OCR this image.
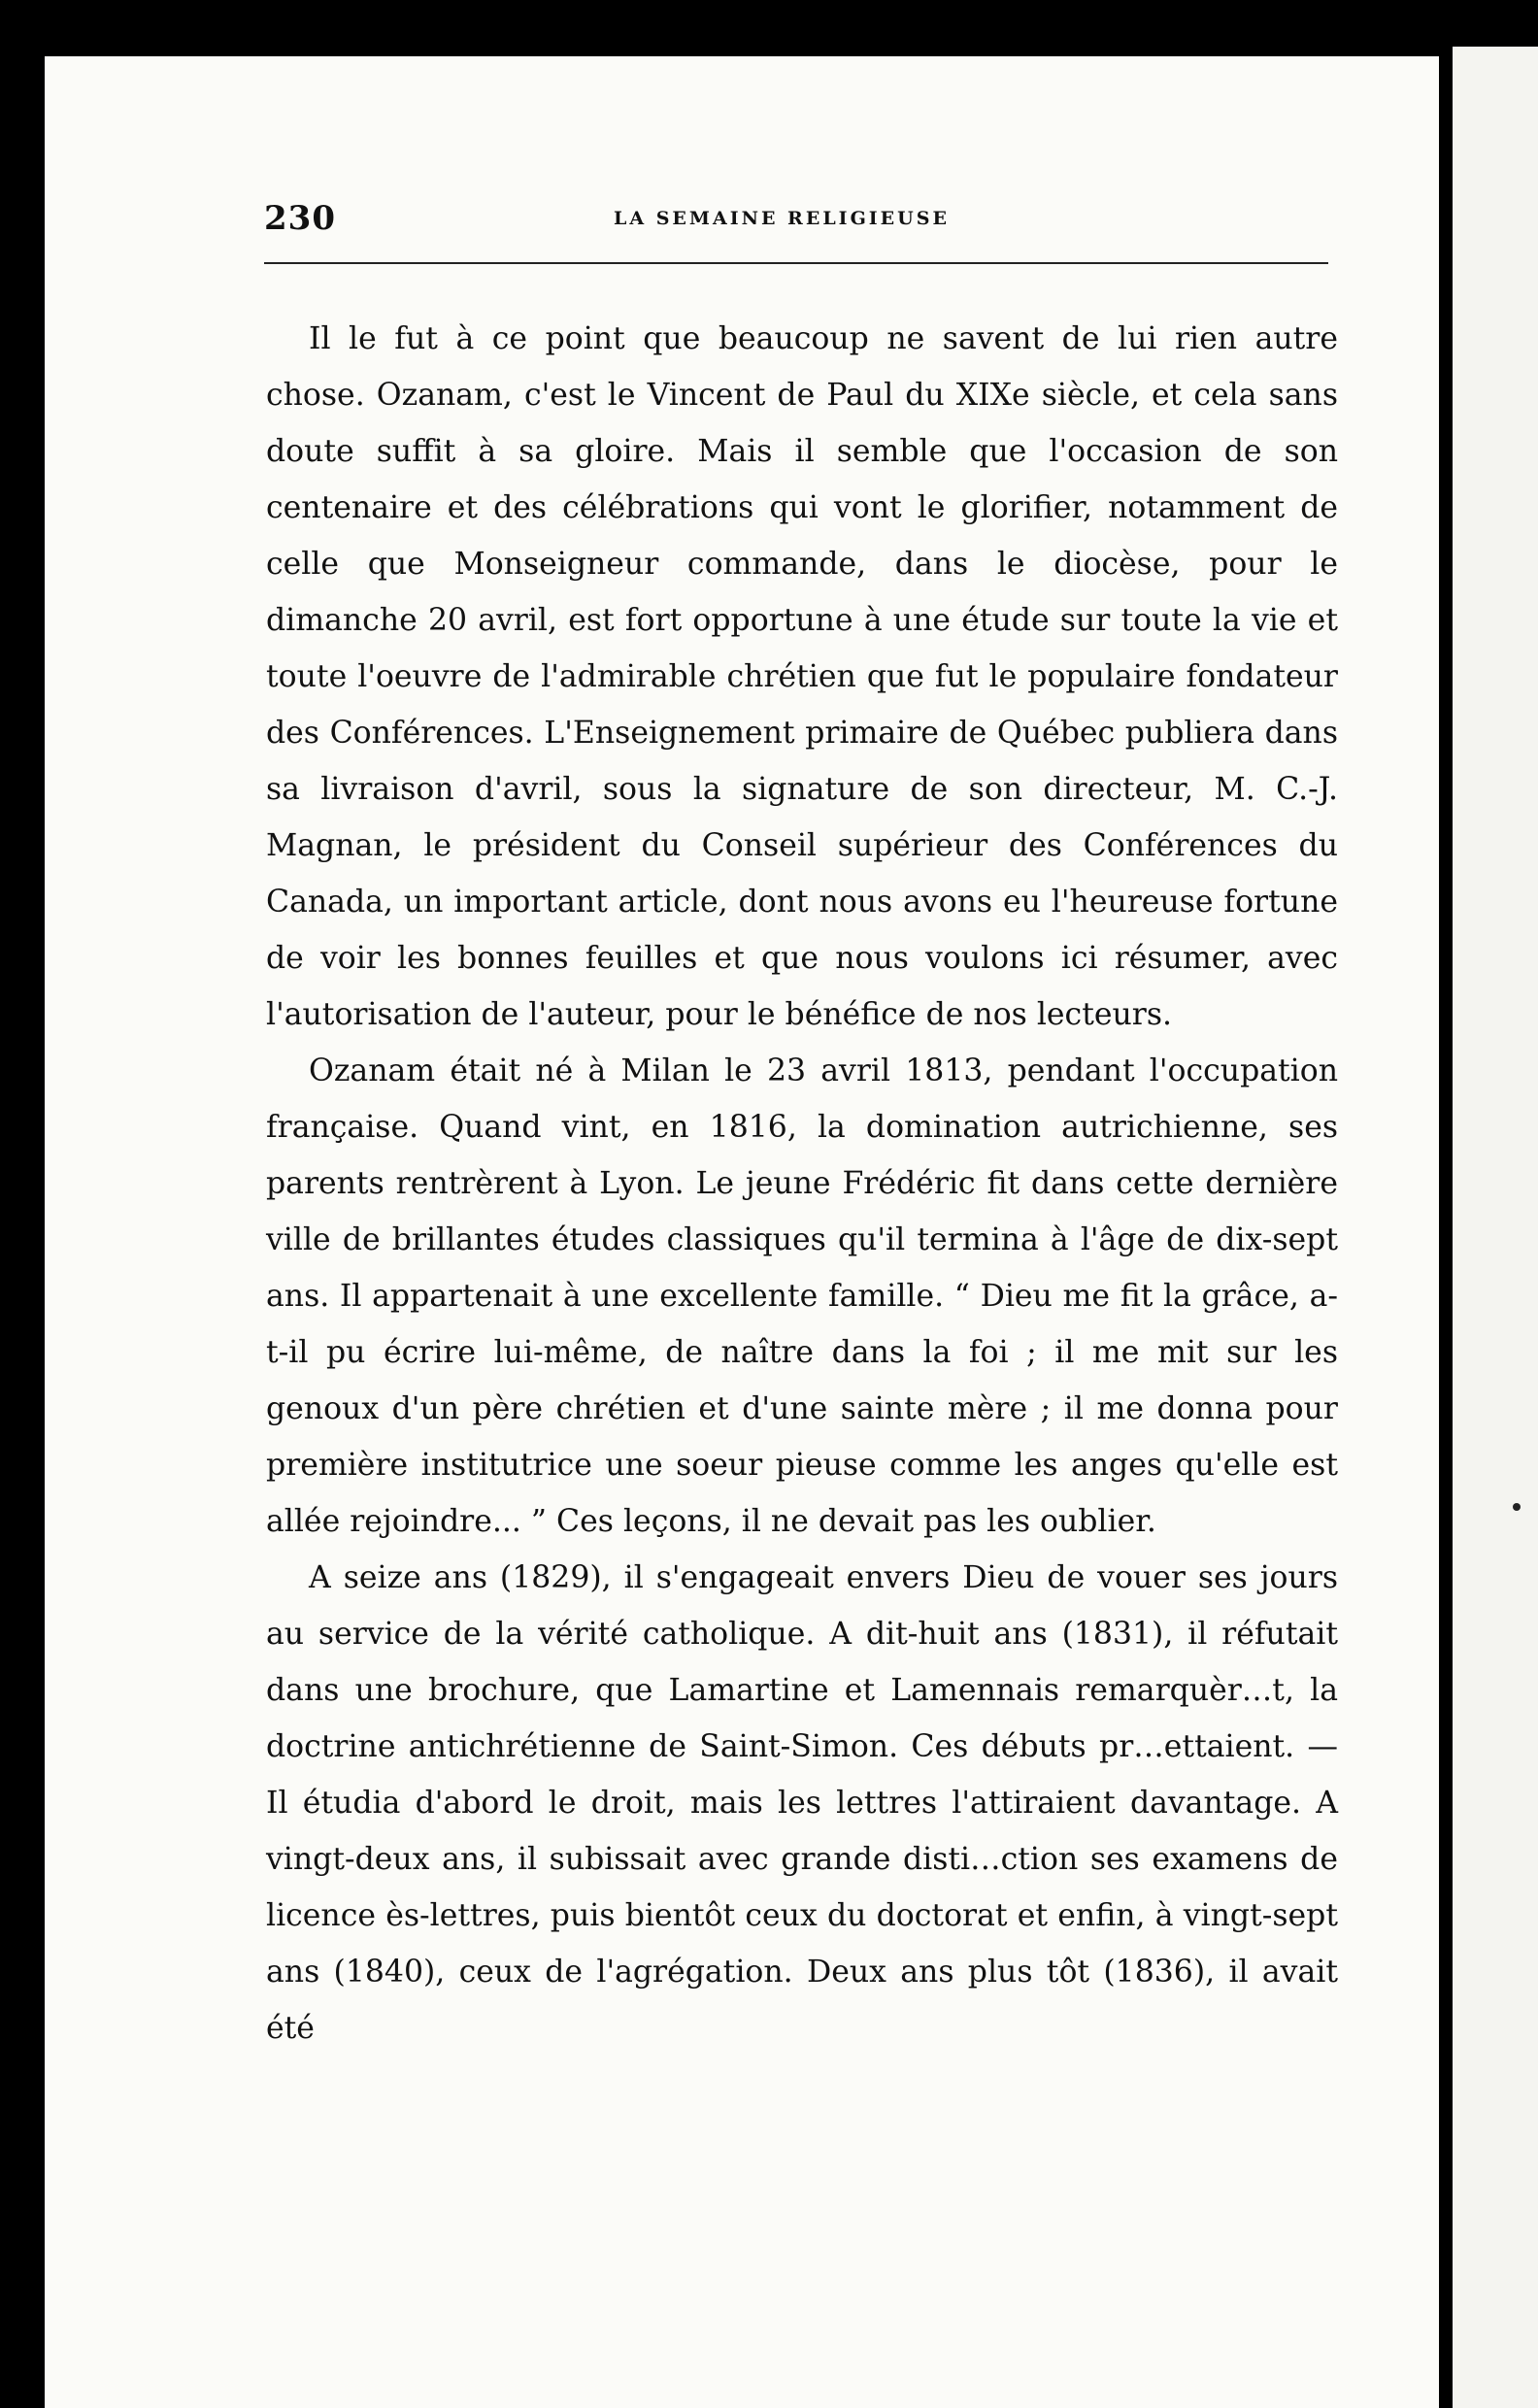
230	LA SEMAINE RELIGIEUSE

Il le fut à ce point que beaucoup ne savent de lui rien autre chose. Ozanam, c'est le Vincent de Paul du XIXe siècle, et cela sans doute suffit à sa gloire. Mais il semble que l'occasion de son centenaire et des célébrations qui vont le glorifier, notamment de celle que Monseigneur commande, dans le diocèse, pour le dimanche 20 avril, est fort opportune à une étude sur toute la vie et toute l'oeuvre de l'admirable chrétien que fut le populaire fondateur des Conférences. L'Enseignement primaire de Québec publiera dans sa livraison d'avril, sous la signature de son directeur, M. C.-J. Magnan, le président du Conseil supérieur des Conférences du Canada, un important article, dont nous avons eu l'heureuse fortune de voir les bonnes feuilles et que nous voulons ici résumer, avec l'autorisation de l'auteur, pour le bénéfice de nos lecteurs.

Ozanam était né à Milan le 23 avril 1813, pendant l'occupation française. Quand vint, en 1816, la domination autrichienne, ses parents rentrèrent à Lyon. Le jeune Frédéric fit dans cette dernière ville de brillantes études classiques qu'il termina à l'âge de dix-sept ans. Il appartenait à une excellente famille. “ Dieu me fit la grâce, a-t-il pu écrire lui-même, de naître dans la foi ; il me mit sur les genoux d'un père chrétien et d'une sainte mère ; il me donna pour première institutrice une soeur pieuse comme les anges qu'elle est allée rejoindre... ” Ces leçons, il ne devait pas les oublier.

A seize ans (1829), il s'engageait envers Dieu de vouer ses jours au service de la vérité catholique. A dit-huit ans (1831), il réfutait dans une brochure, que Lamartine et Lamennais remarquèr…t, la doctrine antichrétienne de Saint-Simon. Ces débuts pr…ettaient. — Il étudia d'abord le droit, mais les lettres l'attiraient davantage. A vingt-deux ans, il subissait avec grande disti…ction ses examens de licence ès-lettres, puis bientôt ceux du doctorat et enfin, à vingt-sept ans (1840), ceux de l'agrégation. Deux ans plus tôt (1836), il avait été
